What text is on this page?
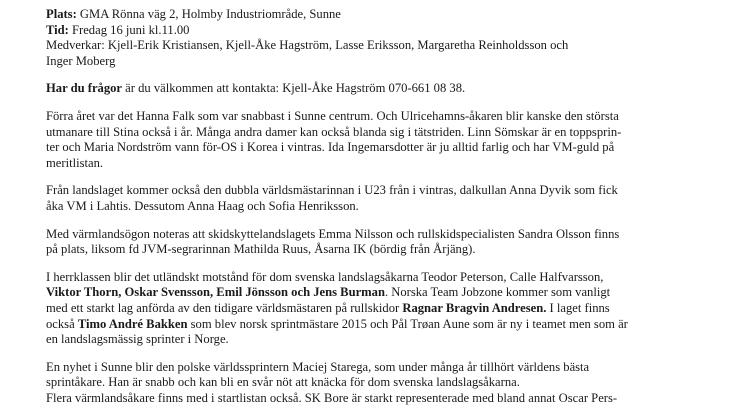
Plats: GMA Rönna väg 2, Holmby Industriområde, Sunne
Tid: Fredag 16 juni kl.11.00
Medverkar: Kjell-Erik Kristiansen, Kjell-Åke Hagström, Lasse Eriksson, Margaretha Reinholdsson och
Inger Moberg
Har du frågor är du välkommen att kontakta: Kjell-Åke Hagström 070-661 08 38.
Förra året var det Hanna Falk som var snabbast i Sunne centrum. Och Ulricehamns-åkaren blir kanske den största
utmanare till Stina också i år. Många andra damer kan också blanda sig i tätstriden. Linn Sömskar är en toppsprin-
ter och Maria Nordström vann för-OS i Korea i vintras. Ida Ingemarsdotter är ju alltid farlig och har VM-guld på
meritlistan.
Från landslaget kommer också den dubbla världsmästarinnan i U23 från i vintras, dalkullan Anna Dyvik som fick
åka VM i Lahtis. Dessutom Anna Haag och Sofia Henriksson.
Med värmlandsögon noteras att skidskyttelandslagets Emma Nilsson och rullskidspecialisten Sandra Olsson finns
på plats, liksom fd JVM-segrarinnan Mathilda Ruus, Åsarna IK (bördig från Årjäng).
I herrklassen blir det utländskt motstånd för dom svenska landslagsåkarna Teodor Peterson, Calle Halfvarsson,
Viktor Thorn, Oskar Svensson, Emil Jönsson och Jens Burman. Norska Team Jobzone kommer som vanligt
med ett starkt lag anförda av den tidigare världsmästaren på rullskidor Ragnar Bragvin Andresen. I laget finns
också Timo André Bakken som blev norsk sprintmästare 2015 och Pål Trøan Aune som är ny i teamet men som är
en landslagsmässig sprinter i Norge.
En nyhet i Sunne blir den polske världssprintern Maciej Starega, som under många år tillhört världens bästa
sprintåkare. Han är snabb och kan bli en svår nöt att knäcka för dom svenska landslagsåkarna.
Flera värmlandsåkare finns med i startlistan också. SK Bore är starkt representerade med bland annat Oscar Pers-
